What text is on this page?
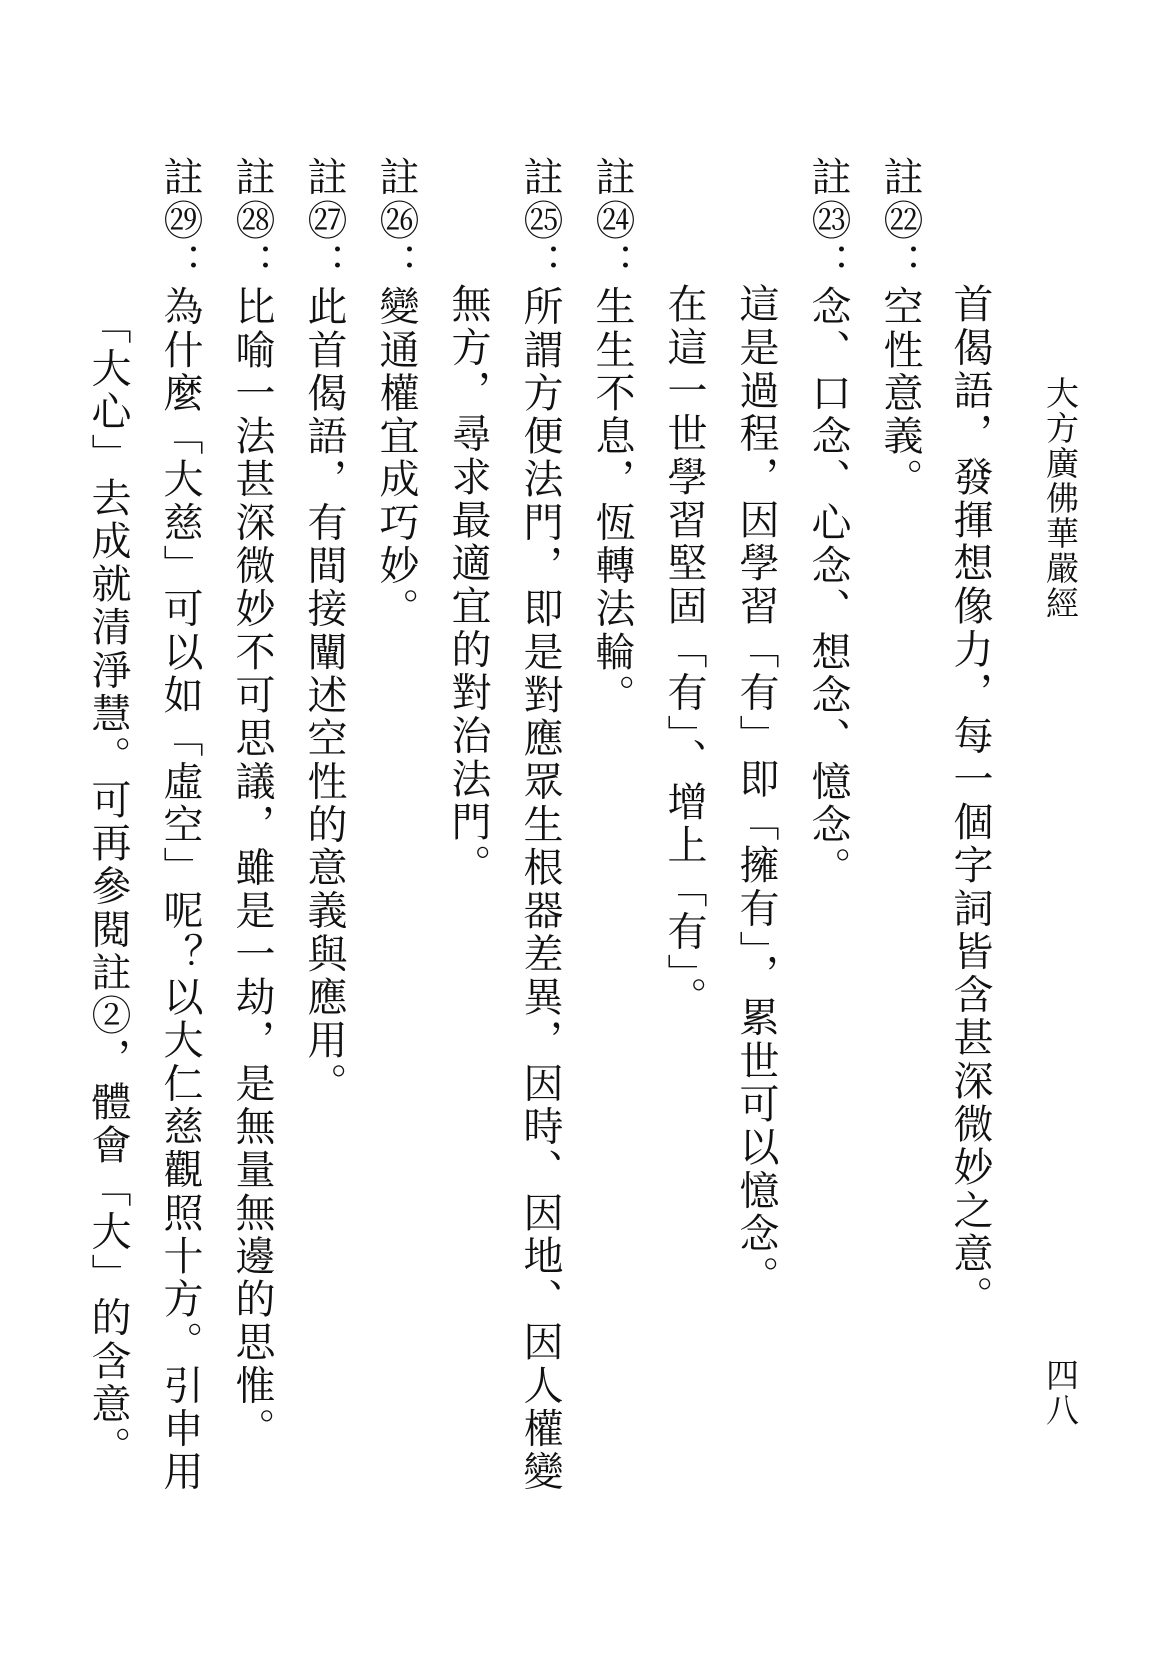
大方廣佛華嚴經
四八
首偈語，發揮想像力，每一個字詞皆含甚深微妙之意。
註㉒：空性意義。
註㉓：念、口念、心念、想念、憶念。
這是過程，因學習「有」即「擁有」，累世可以憶念。
在這一世學習堅固「有」、增上「有」。
註㉔：生生不息，恆轉法輪。
註㉕：所謂方便法門，即是對應眾生根器差異，因時、因地、因人權變
無方，尋求最適宜的對治法門。
註㉖：變通權宜成巧妙。
註㉗：此首偈語，有間接闡述空性的意義與應用。
註㉘：比喻一法甚深微妙不可思議，雖是一劫，是無量無邊的思惟。
註㉙：為什麼「大慈」可以如「虛空」呢？以大仁慈觀照十方。引申用
「大心」去成就清淨慧。可再參閱註②，體會「大」的含意。
